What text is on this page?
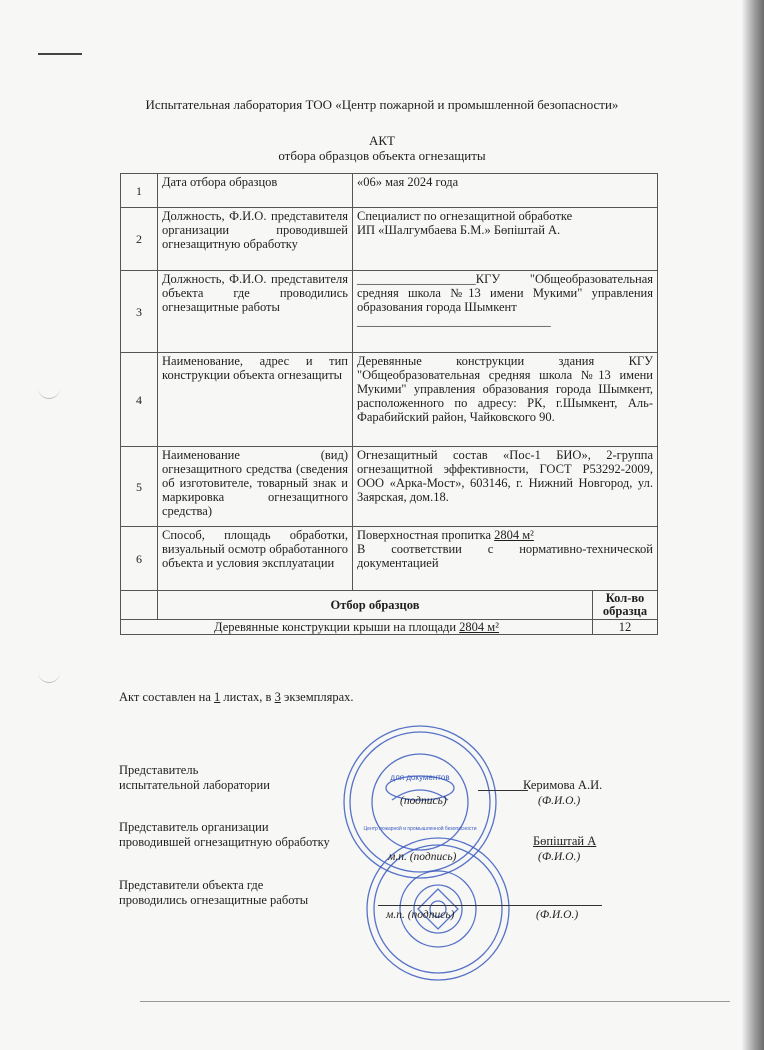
Испытательная лаборатория ТОО «Центр пожарной и промышленной безопасности»
АКТ
отбора образцов объекта огнезащиты
1	Дата отбора образцов	«06» мая 2024 года	
2	Должность, Ф.И.О. представителя организации проводившей огнезащитную обработку	Специалист по огнезащитной обработке
ИП «Шалгумбаева Б.М.» Бөпіштай А.	

3	Должность, Ф.И.О. представителя объекта где проводились огнезащитные работы	___________________КГУ "Общеобразовательная средняя школа №13 имени Мукими" управления образования города Шымкент
_______________________________	

4	Наименование, адрес и тип конструкции объекта огнезащиты	Деревянные конструкции здания КГУ "Общеобразовательная средняя школа №13 имени Мукими" управления образования города Шымкент, расположенного по адресу: РК, г.Шымкент, Аль-Фарабийский район, Чайковского 90.	
5	Наименование (вид) огнезащитного средства (сведения об изготовителе, товарный знак и маркировка огнезащитного средства)	Огнезащитный состав «Пос-1 БИО», 2-группа огнезащитной эффективности, ГОСТ Р53292-2009, ООО «Арка-Мост», 603146, г. Нижний Новгород, ул. Заярская, дом.18.	
6	Способ, площадь обработки, визуальный осмотр обработанного объекта и условия эксплуатации	Поверхностная пропитка 2804 м²
В соответствии с нормативно-технической документацией	

	Отбор образцов		Кол-во образца
Деревянные конструкции крыши на площади 2804 м²			12
Акт составлен на 1 листах, в 3 экземплярах.
для документов
Центр пожарной и промышленной безопасности
Представитель
испытательной лаборатории	Керимова А.И.
(Ф.И.О.)
(подпись)
Представитель организации
проводившей огнезащитную обработку	Бөпіштай А
(Ф.И.О.)
м.п. (подпись)
Представители объекта где
проводились огнезащитные работы
м.п. (подпись)	(Ф.И.О.)
